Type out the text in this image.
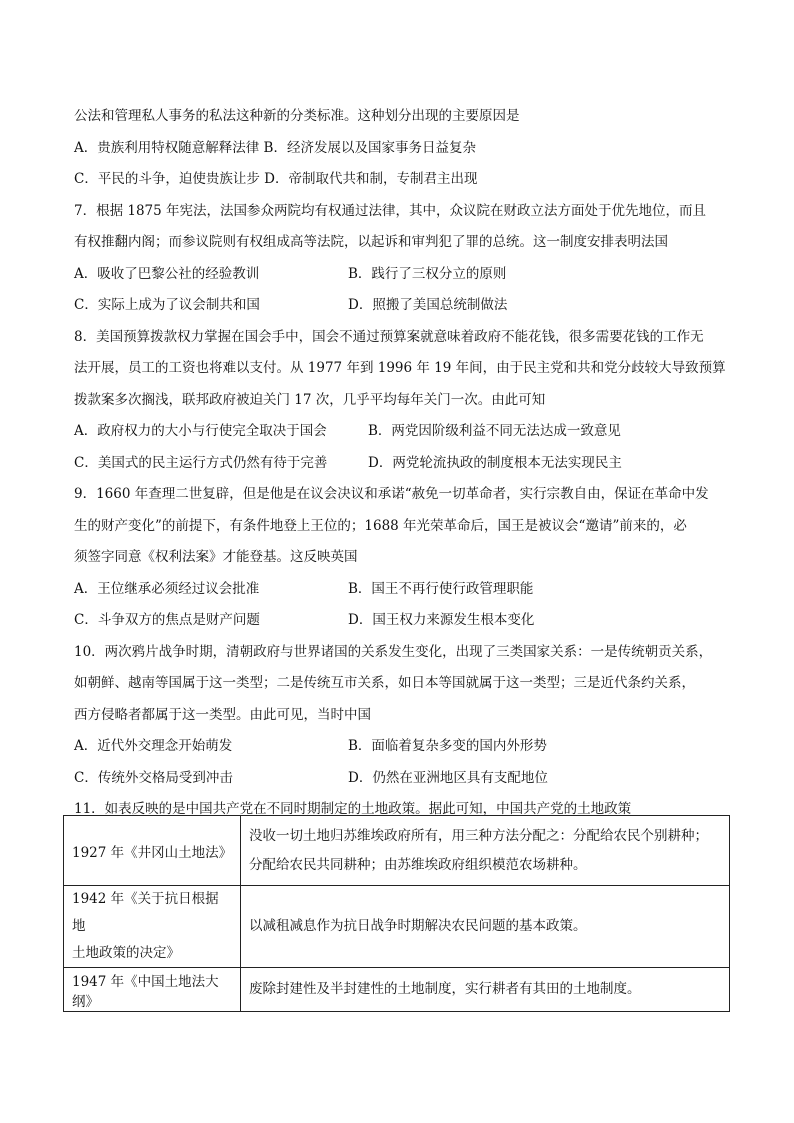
公法和管理私人事务的私法这种新的分类标准。这种划分出现的主要原因是
A．贵族利用特权随意解释法律 B．经济发展以及国家事务日益复杂
C．平民的斗争，迫使贵族让步 D．帝制取代共和制，专制君主出现
7．根据 1875 年宪法，法国参众两院均有权通过法律，其中，众议院在财政立法方面处于优先地位，而且
有权推翻内阁；而参议院则有权组成高等法院，以起诉和审判犯了罪的总统。这一制度安排表明法国
A．吸收了巴黎公社的经验教训	B．践行了三权分立的原则
C．实际上成为了议会制共和国	D．照搬了美国总统制做法
8．美国预算拨款权力掌握在国会手中，国会不通过预算案就意味着政府不能花钱，很多需要花钱的工作无
法开展，员工的工资也将难以支付。从 1977 年到 1996 年 19 年间，由于民主党和共和党分歧较大导致预算
拨款案多次搁浅，联邦政府被迫关门 17 次，几乎平均每年关门一次。由此可知
A．政府权力的大小与行使完全取决于国会	B．两党因阶级利益不同无法达成一致意见
C．美国式的民主运行方式仍然有待于完善	D．两党轮流执政的制度根本无法实现民主
9．1660 年查理二世复辟，但是他是在议会决议和承诺“赦免一切革命者，实行宗教自由，保证在革命中发
生的财产变化”的前提下，有条件地登上王位的；1688 年光荣革命后，国王是被议会“邀请”前来的，必
须签字同意《权利法案》才能登基。这反映英国
A．王位继承必须经过议会批准	B．国王不再行使行政管理职能
C．斗争双方的焦点是财产问题	D．国王权力来源发生根本变化
10．两次鸦片战争时期，清朝政府与世界诸国的关系发生变化，出现了三类国家关系：一是传统朝贡关系，
如朝鲜、越南等国属于这一类型；二是传统互市关系，如日本等国就属于这一类型；三是近代条约关系，
西方侵略者都属于这一类型。由此可见，当时中国
A．近代外交理念开始萌发	B．面临着复杂多变的国内外形势
C．传统外交格局受到冲击	D．仍然在亚洲地区具有支配地位
11．如表反映的是中国共产党在不同时期制定的土地政策。据此可知，中国共产党的土地政策
1927 年《井冈山土地法》	没收一切土地归苏维埃政府所有，用三种方法分配之：分配给农民个别耕种；
分配给农民共同耕种；由苏维埃政府组织模范农场耕种。

1942 年《关于抗日根据地
土地政策的决定》	以减租减息作为抗日战争时期解决农民问题的基本政策。

1947 年《中国土地法大纲》	废除封建性及半封建性的土地制度，实行耕者有其田的土地制度。
